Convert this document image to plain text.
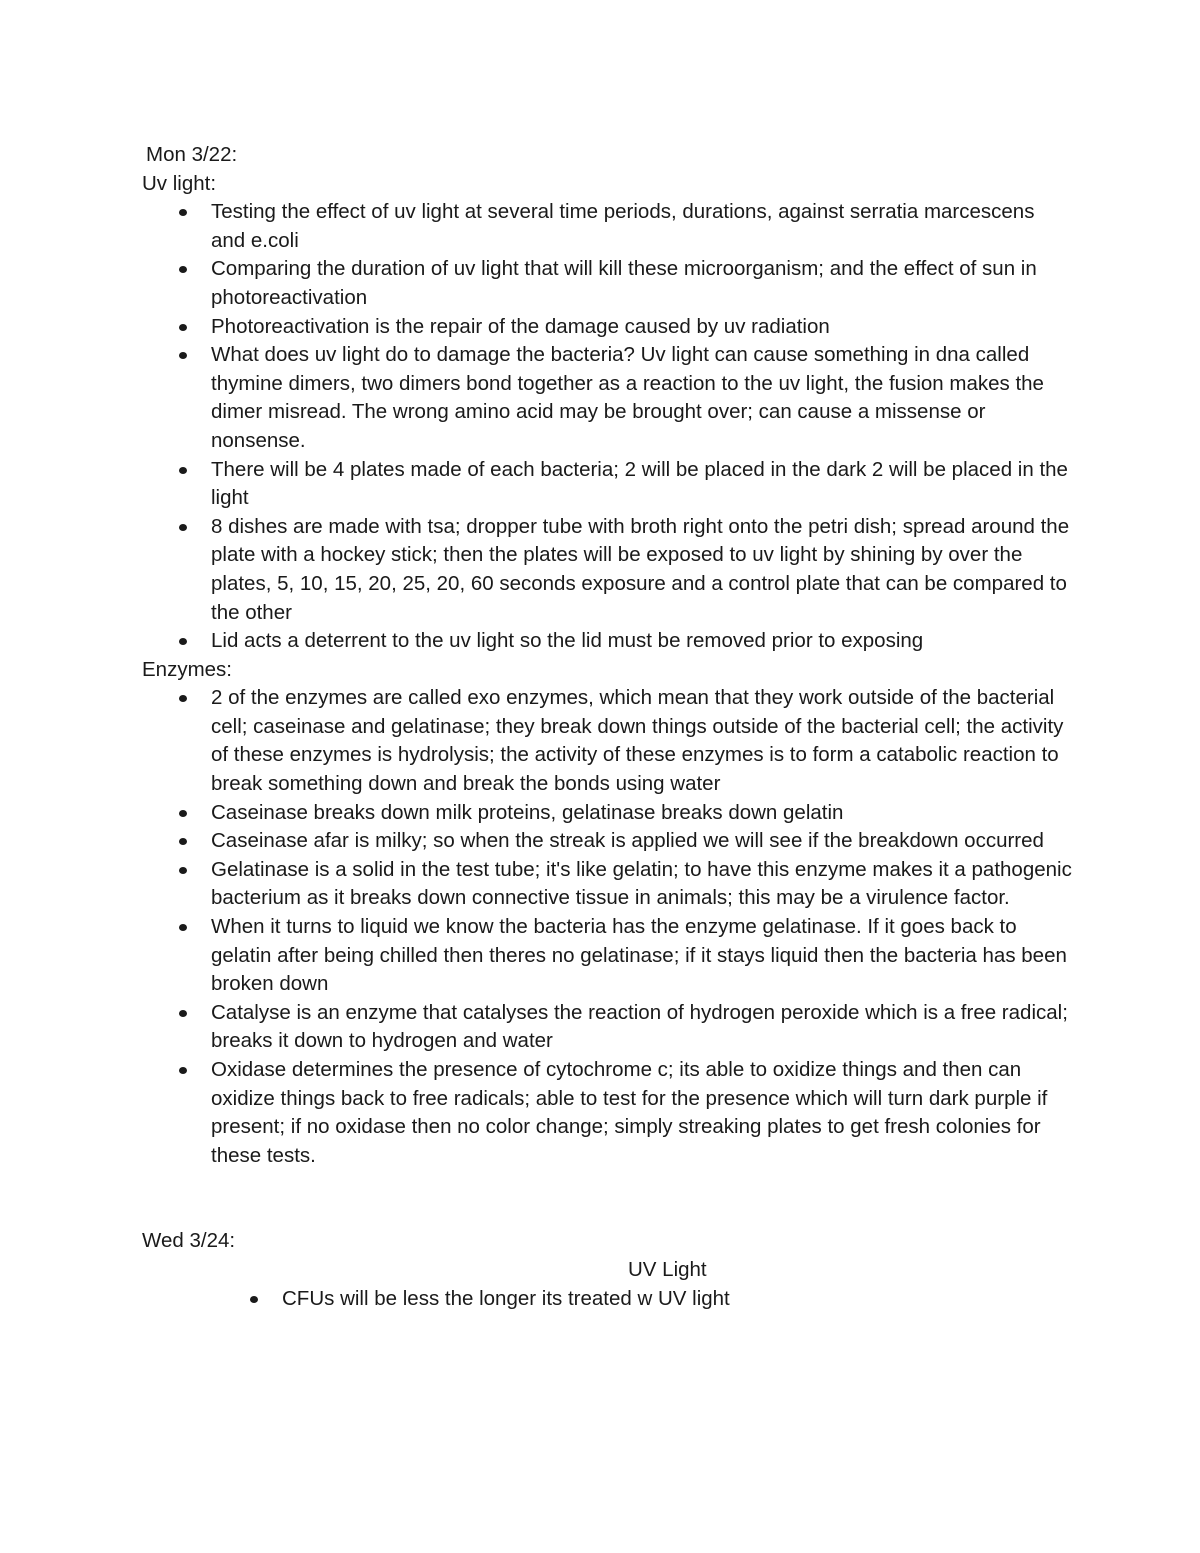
Mon 3/22:
Uv light:
Testing the effect of uv light at several time periods, durations, against serratia marcescens and e.coli
Comparing the duration of uv light that will kill these microorganism; and the effect of sun in photoreactivation
Photoreactivation is the repair of the damage caused by uv radiation
What does uv light do to damage the bacteria? Uv light can cause something in dna called thymine dimers, two dimers bond together as a reaction to the uv light, the fusion makes the dimer misread. The wrong amino acid may be brought over; can cause a missense or nonsense.
There will be 4 plates made of each bacteria; 2 will be placed in the dark 2 will be placed in the light
8 dishes are made with tsa; dropper tube with broth right onto the petri dish; spread around the plate with a hockey stick; then the plates will be exposed to uv light by shining by over the plates, 5, 10, 15, 20, 25, 20, 60 seconds exposure and a control plate that can be compared to the other
Lid acts a deterrent to the uv light so the lid must be removed prior to exposing
Enzymes:
2 of the enzymes are called exo enzymes, which mean that they work outside of the bacterial cell; caseinase and gelatinase; they break down things outside of the bacterial cell; the activity of these enzymes is hydrolysis; the activity of these enzymes is to form a catabolic reaction to break something down and break the bonds using water
Caseinase breaks down milk proteins, gelatinase breaks down gelatin
Caseinase afar is milky; so when the streak is applied we will see if the breakdown occurred
Gelatinase is a solid in the test tube; it's like gelatin; to have this enzyme makes it a pathogenic bacterium as it breaks down connective tissue in animals; this may be a virulence factor.
When it turns to liquid we know the bacteria has the enzyme gelatinase. If it goes back to gelatin after being chilled then theres no gelatinase; if it stays liquid then the bacteria has been broken down
Catalyse is an enzyme that catalyses the reaction of hydrogen peroxide which is a free radical; breaks it down to hydrogen and water
Oxidase determines the presence of cytochrome c; its able to oxidize things and then can oxidize things back to free radicals; able to test for the presence which will turn dark purple if present; if no oxidase then no color change; simply streaking plates to get fresh colonies for these tests.
Wed 3/24:
UV Light
CFUs will be less the longer its treated w UV light
